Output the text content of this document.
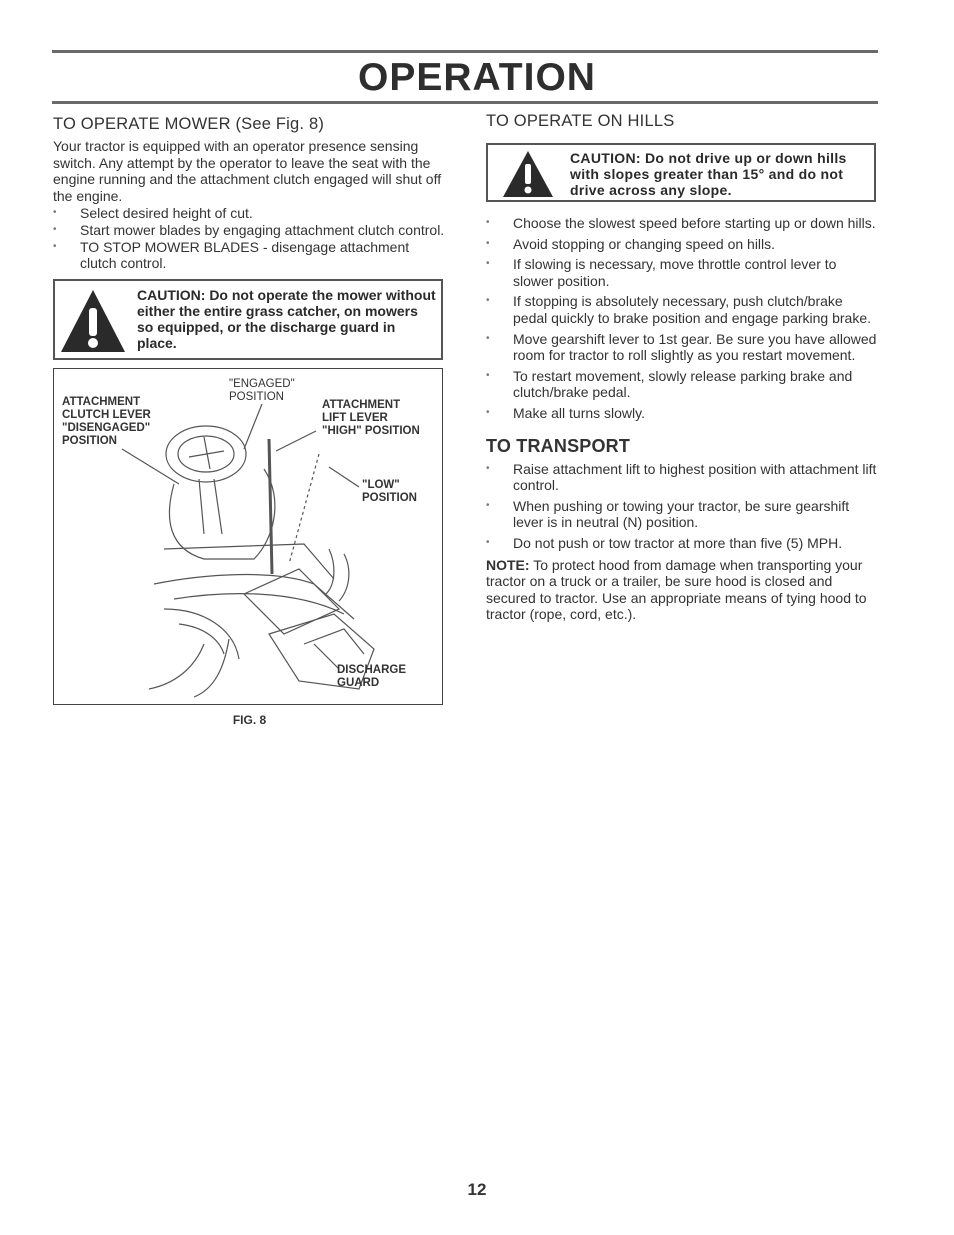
OPERATION
TO OPERATE MOWER (See Fig. 8)

Your tractor is equipped with an operator presence sensing switch. Any attempt by the operator to leave the seat with the engine running and the attachment clutch engaged will shut off the engine.

• Select desired height of cut.
• Start mower blades by engaging attachment clutch control.
• TO STOP MOWER BLADES - disengage attachment clutch control.
CAUTION: Do not operate the mower without either the entire grass catcher, on mowers so equipped, or the discharge guard in place.
ATTACHMENT
CLUTCH LEVER
"DISENGAGED"
POSITION
"ENGAGED"
POSITION
ATTACHMENT
LIFT LEVER
"HIGH" POSITION
"LOW"
POSITION
DISCHARGE
GUARD
FIG. 8
TO OPERATE ON HILLS
CAUTION: Do not drive up or down hills with slopes greater than 15° and do not drive across any slope.
• Choose the slowest speed before starting up or down hills.
• Avoid stopping or changing speed on hills.
• If slowing is necessary, move throttle control lever to slower position.
• If stopping is absolutely necessary, push clutch/brake pedal quickly to brake position and engage parking brake.
• Move gearshift lever to 1st gear. Be sure you have allowed room for tractor to roll slightly as you restart movement.
• To restart movement, slowly release parking brake and clutch/brake pedal.
• Make all turns slowly.
TO TRANSPORT
• Raise attachment lift to highest position with attachment lift control.
• When pushing or towing your tractor, be sure gearshift lever is in neutral (N) position.
• Do not push or tow tractor at more than five (5) MPH.

NOTE: To protect hood from damage when transporting your tractor on a truck or a trailer, be sure hood is closed and secured to tractor. Use an appropriate means of tying hood to tractor (rope, cord, etc.).

12
